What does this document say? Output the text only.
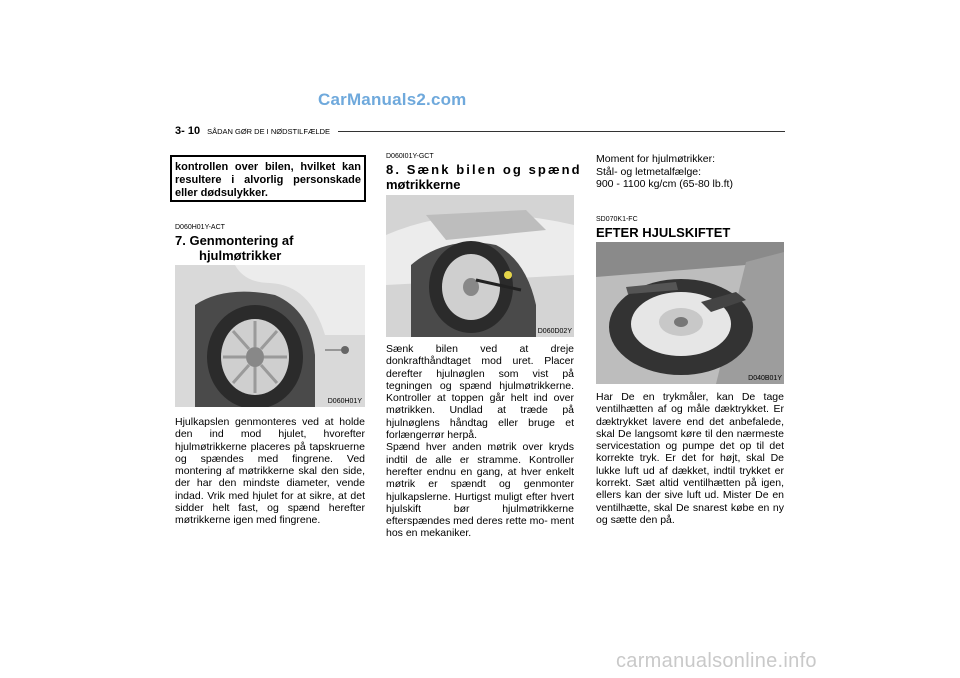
CarManuals2.com
3- 10 SÅDAN GØR DE I NØDSTILFÆLDE
kontrollen over bilen, hvilket kan resultere i alvorlig personskade eller dødsulykker.
D060H01Y-ACT
7. Genmontering af
hjulmøtrikker
D060H01Y
Hjulkapslen genmonteres ved at holde den ind mod hjulet, hvorefter hjulmøtrikkerne placeres på tapskruerne og spændes med fingrene. Ved montering af møtrikkerne skal den side, der har den mindste diameter, vende indad. Vrik med hjulet for at sikre, at det sidder helt fast, og spænd herefter møtrikkerne igen med fingrene.
D060I01Y-GCT
8. Sænk bilen og spænd
møtrikkerne
D060D02Y
Sænk bilen ved at dreje donkrafthåndtaget mod uret. Placer derefter hjulnøglen som vist på tegningen og spænd hjulmøtrikkerne. Kontroller at toppen går helt ind over møtrikken. Undlad at træde på hjulnøglens håndtag eller bruge et forlængerrør herpå.
Spænd hver anden møtrik over kryds indtil de alle er stramme. Kontroller herefter endnu en gang, at hver enkelt møtrik er spændt og genmonter hjulkapslerne. Hurtigst muligt efter hvert hjulskift bør hjulmøtrikkerne efterspændes med deres rette mo- ment hos en mekaniker.
Moment for hjulmøtrikker:
Stål- og letmetalfælge:
900 - 1100 kg/cm (65-80 lb.ft)
SD070K1-FC
EFTER HJULSKIFTET
D040B01Y
Har De en trykmåler, kan De tage ventilhætten af og måle dæktrykket. Er dæktrykket lavere end det anbefalede, skal De langsomt køre til den nærmeste servicestation og pumpe det op til det korrekte tryk. Er det for højt, skal De lukke luft ud af dækket, indtil trykket er korrekt. Sæt altid ventilhætten på igen, ellers kan der sive luft ud. Mister De en ventilhætte, skal De snarest købe en ny og sætte den på.
carmanualsonline.info
